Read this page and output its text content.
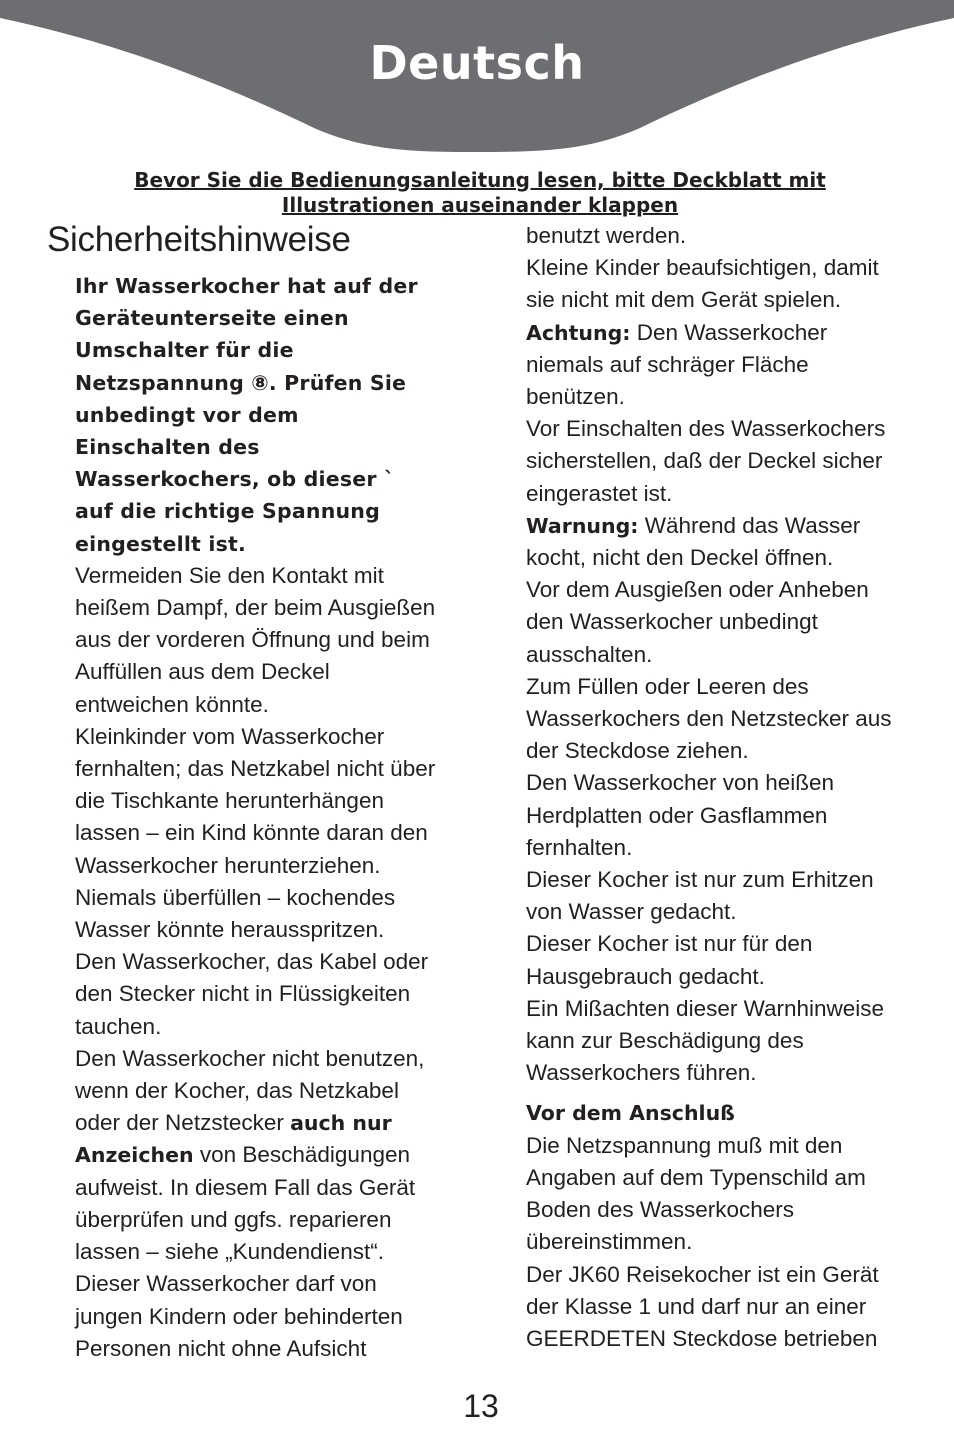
Deutsch
Bevor Sie die Bedienungsanleitung lesen, bitte Deckblatt mit
Illustrationen auseinander klappen
Sicherheitshinweise
Ihr Wasserkocher hat auf der
Geräteunterseite einen
Umschalter für die
Netzspannung ⑧. Prüfen Sie
unbedingt vor dem
Einschalten des
Wasserkochers, ob dieser `
auf die richtige Spannung
eingestellt ist.
Vermeiden Sie den Kontakt mit
heißem Dampf, der beim Ausgießen
aus der vorderen Öffnung und beim
Auffüllen aus dem Deckel
entweichen könnte.
Kleinkinder vom Wasserkocher
fernhalten; das Netzkabel nicht über
die Tischkante herunterhängen
lassen – ein Kind könnte daran den
Wasserkocher herunterziehen.
Niemals überfüllen – kochendes
Wasser könnte herausspritzen.
Den Wasserkocher, das Kabel oder
den Stecker nicht in Flüssigkeiten
tauchen.
Den Wasserkocher nicht benutzen,
wenn der Kocher, das Netzkabel
oder der Netzstecker auch nur
Anzeichen von Beschädigungen
aufweist. In diesem Fall das Gerät
überprüfen und ggfs. reparieren
lassen – siehe „Kundendienst“.
Dieser Wasserkocher darf von
jungen Kindern oder behinderten
Personen nicht ohne Aufsicht
benutzt werden.
Kleine Kinder beaufsichtigen, damit
sie nicht mit dem Gerät spielen.
Achtung: Den Wasserkocher
niemals auf schräger Fläche
benützen.
Vor Einschalten des Wasserkochers
sicherstellen, daß der Deckel sicher
eingerastet ist.
Warnung: Während das Wasser
kocht, nicht den Deckel öffnen.
Vor dem Ausgießen oder Anheben
den Wasserkocher unbedingt
ausschalten.
Zum Füllen oder Leeren des
Wasserkochers den Netzstecker aus
der Steckdose ziehen.
Den Wasserkocher von heißen
Herdplatten oder Gasflammen
fernhalten.
Dieser Kocher ist nur zum Erhitzen
von Wasser gedacht.
Dieser Kocher ist nur für den
Hausgebrauch gedacht.
Ein Mißachten dieser Warnhinweise
kann zur Beschädigung des
Wasserkochers führen.
Vor dem Anschluß
Die Netzspannung muß mit den
Angaben auf dem Typenschild am
Boden des Wasserkochers
übereinstimmen.
Der JK60 Reisekocher ist ein Gerät
der Klasse 1 und darf nur an einer
GEERDETEN Steckdose betrieben
13
